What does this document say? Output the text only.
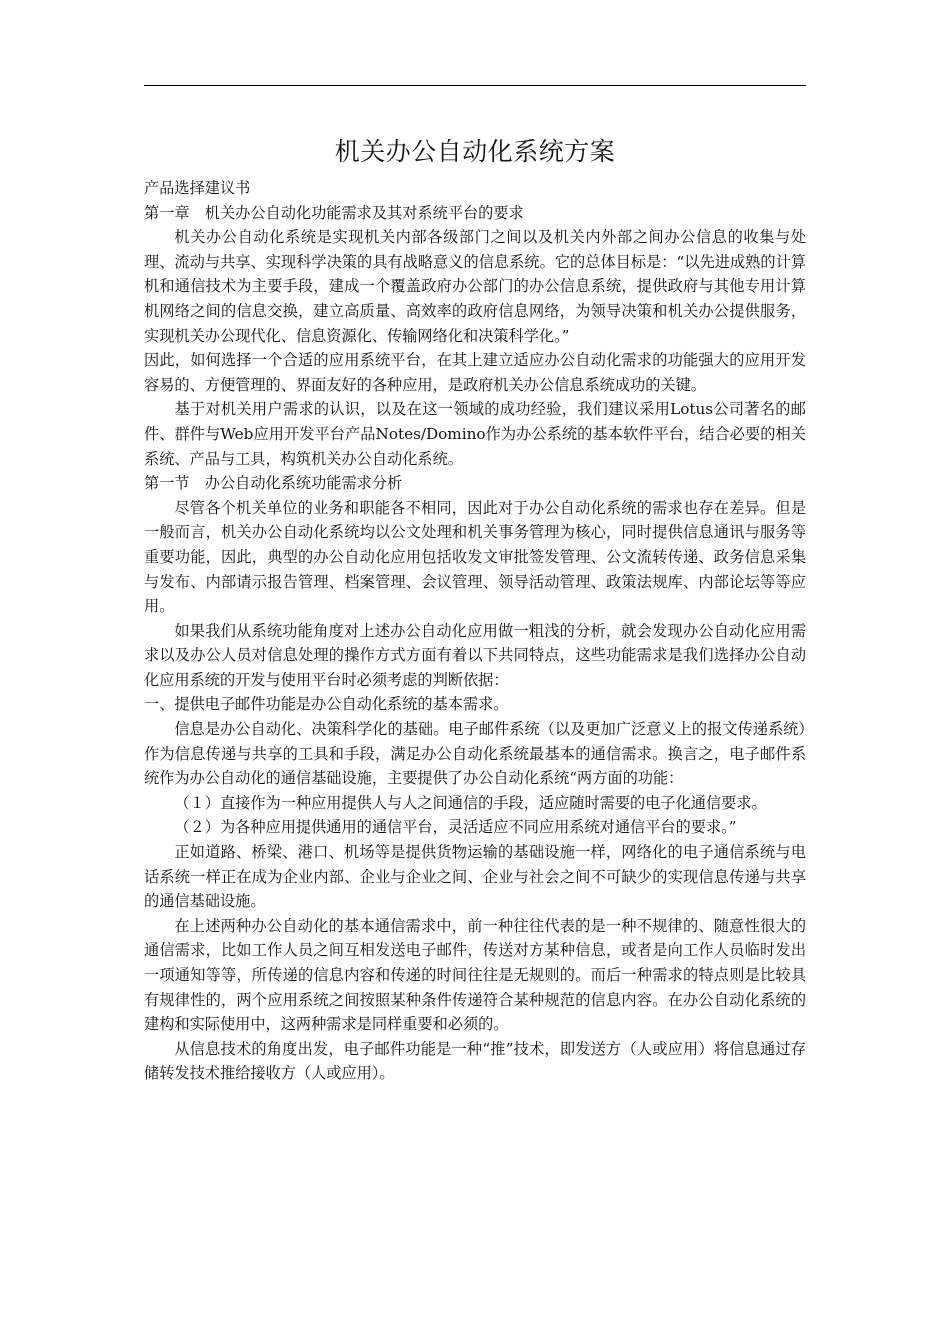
机关办公自动化系统方案

产品选择建议书

第一章　机关办公自动化功能需求及其对系统平台的要求

机关办公自动化系统是实现机关内部各级部门之间以及机关内外部之间办公信息的收集与处理、流动与共享、实现科学决策的具有战略意义的信息系统。它的总体目标是：“以先进成熟的计算机和通信技术为主要手段，建成一个覆盖政府办公部门的办公信息系统，提供政府与其他专用计算机网络之间的信息交换，建立高质量、高效率的政府信息网络，为领导决策和机关办公提供服务，实现机关办公现代化、信息资源化、传输网络化和决策科学化。”

因此，如何选择一个合适的应用系统平台，在其上建立适应办公自动化需求的功能强大的应用开发容易的、方便管理的、界面友好的各种应用，是政府机关办公信息系统成功的关键。

基于对机关用户需求的认识，以及在这一领域的成功经验，我们建议采用Lotus公司著名的邮件、群件与Web应用开发平台产品Notes/Domino作为办公系统的基本软件平台，结合必要的相关系统、产品与工具，构筑机关办公自动化系统。

第一节　办公自动化系统功能需求分析

尽管各个机关单位的业务和职能各不相同，因此对于办公自动化系统的需求也存在差异。但是一般而言，机关办公自动化系统均以公文处理和机关事务管理为核心，同时提供信息通讯与服务等重要功能，因此，典型的办公自动化应用包括收发文审批签发管理、公文流转传递、政务信息采集与发布、内部请示报告管理、档案管理、会议管理、领导活动管理、政策法规库、内部论坛等等应用。

如果我们从系统功能角度对上述办公自动化应用做一粗浅的分析，就会发现办公自动化应用需求以及办公人员对信息处理的操作方式方面有着以下共同特点，这些功能需求是我们选择办公自动化应用系统的开发与使用平台时必须考虑的判断依据：

一、提供电子邮件功能是办公自动化系统的基本需求。

信息是办公自动化、决策科学化的基础。电子邮件系统（以及更加广泛意义上的报文传递系统）作为信息传递与共享的工具和手段，满足办公自动化系统最基本的通信需求。换言之，电子邮件系统作为办公自动化的通信基础设施，主要提供了办公自动化系统“两方面的功能：

（１）直接作为一种应用提供人与人之间通信的手段，适应随时需要的电子化通信要求。

（２）为各种应用提供通用的通信平台，灵活适应不同应用系统对通信平台的要求。”

正如道路、桥梁、港口、机场等是提供货物运输的基础设施一样，网络化的电子通信系统与电话系统一样正在成为企业内部、企业与企业之间、企业与社会之间不可缺少的实现信息传递与共享的通信基础设施。

在上述两种办公自动化的基本通信需求中，前一种往往代表的是一种不规律的、随意性很大的通信需求，比如工作人员之间互相发送电子邮件，传送对方某种信息，或者是向工作人员临时发出一项通知等等，所传递的信息内容和传递的时间往往是无规则的。而后一种需求的特点则是比较具有规律性的，两个应用系统之间按照某种条件传递符合某种规范的信息内容。在办公自动化系统的建构和实际使用中，这两种需求是同样重要和必须的。

从信息技术的角度出发，电子邮件功能是一种“推”技术，即发送方（人或应用）将信息通过存储转发技术推给接收方（人或应用）。
